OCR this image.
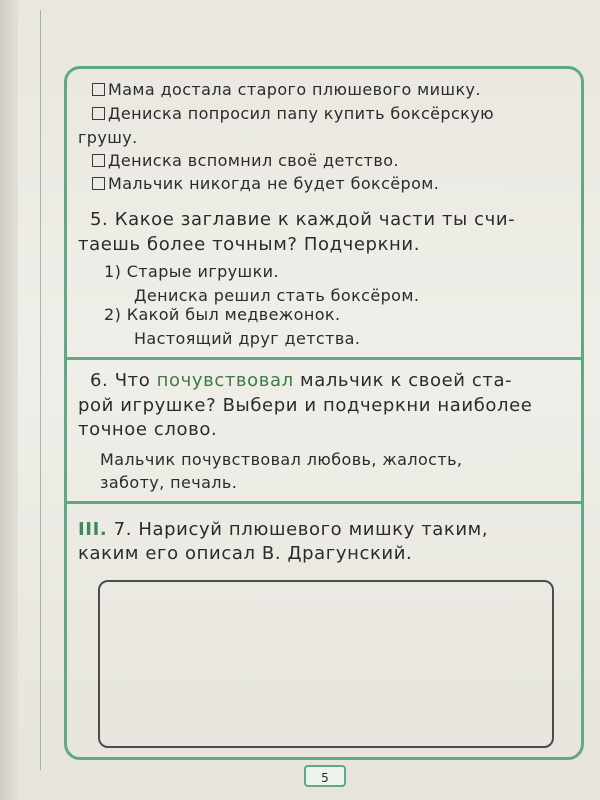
Мама достала старого плюшевого мишку.
Дениска попросил папу купить боксёрскую
грушу.
Дениска вспомнил своё детство.
Мальчик никогда не будет боксёром.
5. Какое заглавие к каждой части ты счи-
таешь более точным? Подчеркни.
1) Старые игрушки.
Дениска решил стать боксёром.
2) Какой был медвежонок.
Настоящий друг детства.
6. Что почувствовал мальчик к своей ста-
рой игрушке? Выбери и подчеркни наиболее
точное слово.
Мальчик почувствовал любовь, жалость,
заботу, печаль.
III. 7. Нарисуй плюшевого мишку таким,
каким его описал В. Драгунский.
5
